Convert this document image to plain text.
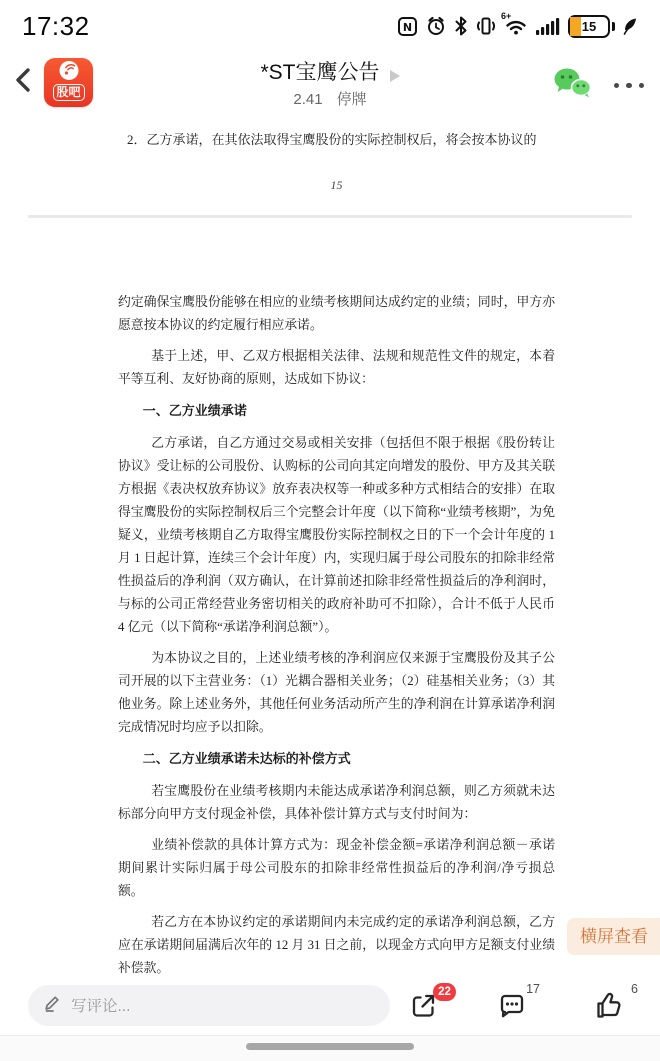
17:32	N
6+
15
股吧
*ST宝鹰公告
2.41 停牌
2．乙方承诺，在其依法取得宝鹰股份的实际控制权后，将会按本协议的
15
约定确保宝鹰股份能够在相应的业绩考核期间达成约定的业绩；同时，甲方亦愿意按本协议的约定履行相应承诺。
基于上述，甲、乙双方根据相关法律、法规和规范性文件的规定，本着平等互利、友好协商的原则，达成如下协议：
一、乙方业绩承诺
乙方承诺，自乙方通过交易或相关安排（包括但不限于根据《股份转让协议》受让标的公司股份、认购标的公司向其定向增发的股份、甲方及其关联方根据《表决权放弃协议》放弃表决权等一种或多种方式相结合的安排）在取得宝鹰股份的实际控制权后三个完整会计年度（以下简称“业绩考核期”，为免疑义，业绩考核期自乙方取得宝鹰股份实际控制权之日的下一个会计年度的 1 月 1 日起计算，连续三个会计年度）内，实现归属于母公司股东的扣除非经常性损益后的净利润（双方确认，在计算前述扣除非经常性损益后的净利润时，与标的公司正常经营业务密切相关的政府补助可不扣除），合计不低于人民币 4 亿元（以下简称“承诺净利润总额”）。
为本协议之目的，上述业绩考核的净利润应仅来源于宝鹰股份及其子公司开展的以下主营业务：（1）光耦合器相关业务；（2）硅基相关业务；（3）其他业务。除上述业务外，其他任何业务活动所产生的净利润在计算承诺净利润完成情况时均应予以扣除。
二、乙方业绩承诺未达标的补偿方式
若宝鹰股份在业绩考核期内未能达成承诺净利润总额，则乙方须就未达标部分向甲方支付现金补偿，具体补偿计算方式与支付时间为：
业绩补偿款的具体计算方式为：现金补偿金额=承诺净利润总额－承诺期间累计实际归属于母公司股东的扣除非经常性损益后的净利润/净亏损总额。
若乙方在本协议约定的承诺期间内未完成约定的承诺净利润总额，乙方应在承诺期间届满后次年的 12 月 31 日之前，以现金方式向甲方足额支付业绩补偿款。
横屏查看
写评论...
22	17	6
